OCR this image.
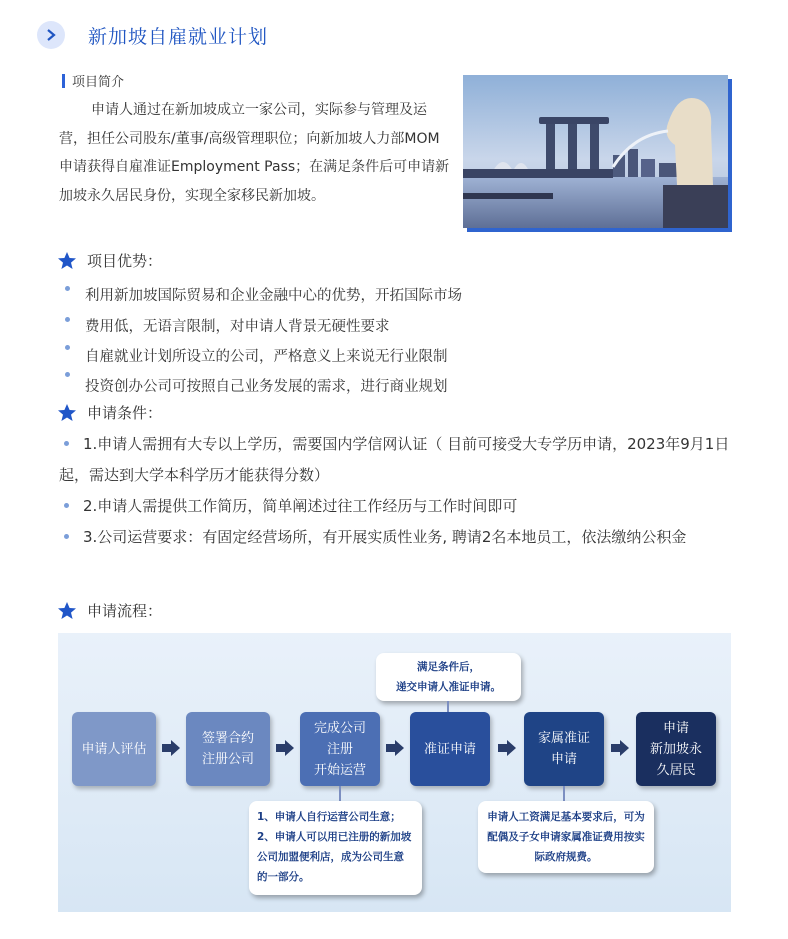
新加坡自雇就业计划
项目简介
申请人通过在新加坡成立一家公司，实际参与管理及运营，担任公司股东/董事/高级管理职位；向新加坡人力部MOM申请获得自雇准证Employment Pass；在满足条件后可申请新加坡永久居民身份，实现全家移民新加坡。
项目优势：
利用新加坡国际贸易和企业金融中心的优势，开拓国际市场
费用低，无语言限制，对申请人背景无硬性要求
自雇就业计划所设立的公司，严格意义上来说无行业限制
投资创办公司可按照自己业务发展的需求，进行商业规划
申请条件：
1.申请人需拥有大专以上学历，需要国内学信网认证（ 目前可接受大专学历申请，2023年9月1日起，需达到大学本科学历才能获得分数）
2.申请人需提供工作简历，简单阐述过往工作经历与工作时间即可
3.公司运营要求：有固定经营场所，有开展实质性业务, 聘请2名本地员工，依法缴纳公积金
申请流程：
满足条件后，
递交申请人准证申请。
申请人评估
签署合约
注册公司
完成公司
注册
开始运营
准证申请
家属准证
申请
申请
新加坡永
久居民
1、申请人自行运营公司生意；
2、申请人可以用已注册的新加坡公司加盟便利店，成为公司生意的一部分。
申请人工资满足基本要求后，可为配偶及子女申请家属准证费用按实际政府规费。
